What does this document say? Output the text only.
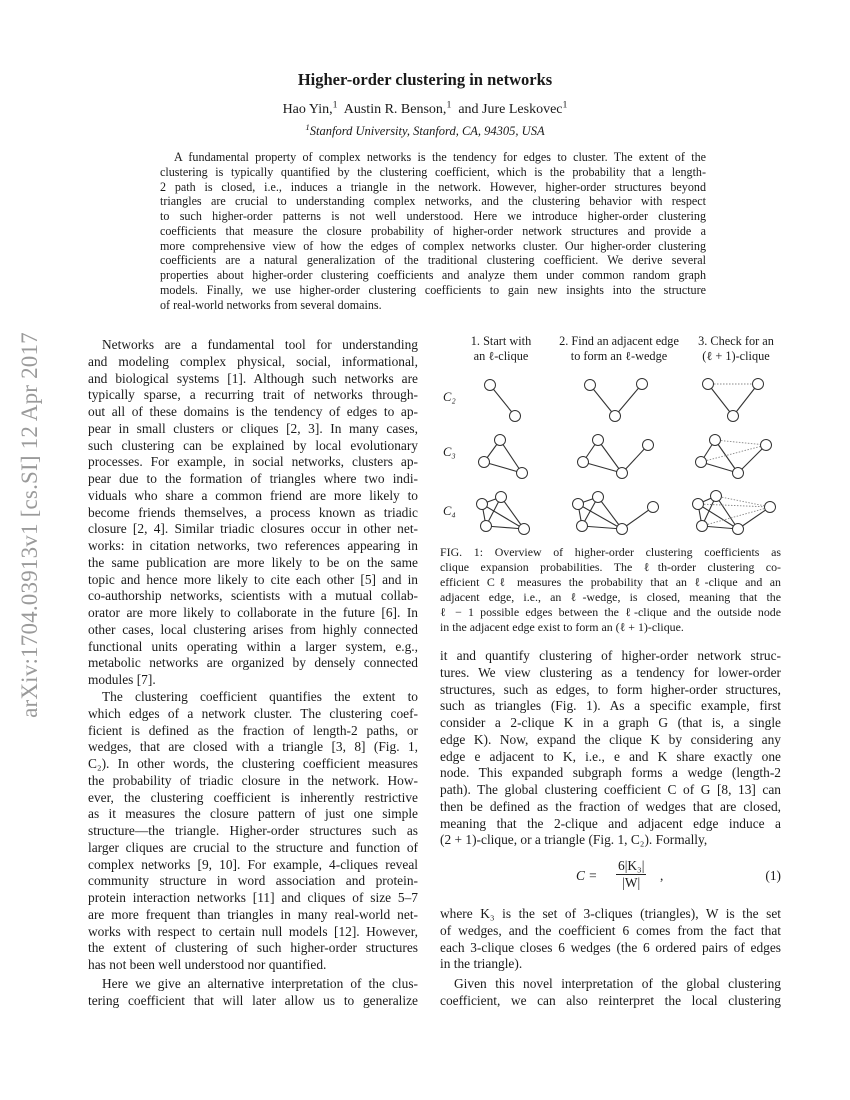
arXiv:1704.03913v1 [cs.SI] 12 Apr 2017
Higher-order clustering in networks
Hao Yin,$^1$ Austin R. Benson,$^1$ and Jure Leskovec$^1$
$^1$Stanford University, Stanford, CA, 94305, USA
A fundamental property of complex networks is the tendency for edges to cluster. The extent of the
clustering is typically quantified by the clustering coefficient, which is the probability that a length-
2 path is closed, i.e., induces a triangle in the network. However, higher-order structures beyond
triangles are crucial to understanding complex networks, and the clustering behavior with respect
to such higher-order patterns is not well understood. Here we introduce higher-order clustering
coefficients that measure the closure probability of higher-order network structures and provide a
more comprehensive view of how the edges of complex networks cluster. Our higher-order clustering
coefficients are a natural generalization of the traditional clustering coefficient. We derive several
properties about higher-order clustering coefficients and analyze them under common random graph
models. Finally, we use higher-order clustering coefficients to gain new insights into the structure
of real-world networks from several domains.
Networks are a fundamental tool for understanding
and modeling complex physical, social, informational,
and biological systems [1]. Although such networks are
typically sparse, a recurring trait of networks through-
out all of these domains is the tendency of edges to ap-
pear in small clusters or cliques [2, 3]. In many cases,
such clustering can be explained by local evolutionary
processes. For example, in social networks, clusters ap-
pear due to the formation of triangles where two indi-
viduals who share a common friend are more likely to
become friends themselves, a process known as triadic
closure [2, 4]. Similar triadic closures occur in other net-
works: in citation networks, two references appearing in
the same publication are more likely to be on the same
topic and hence more likely to cite each other [5] and in
co-authorship networks, scientists with a mutual collab-
orator are more likely to collaborate in the future [6]. In
other cases, local clustering arises from highly connected
functional units operating within a larger system, e.g.,
metabolic networks are organized by densely connected
modules [7].
The clustering coefficient quantifies the extent to
which edges of a network cluster. The clustering coef-
ficient is defined as the fraction of length-2 paths, or
wedges, that are closed with a triangle [3, 8] (Fig. 1,
C₂). In other words, the clustering coefficient measures
the probability of triadic closure in the network. How-
ever, the clustering coefficient is inherently restrictive
as it measures the closure pattern of just one simple
structure—the triangle. Higher-order structures such as
larger cliques are crucial to the structure and function of
complex networks [9, 10]. For example, 4-cliques reveal
community structure in word association and protein-
protein interaction networks [11] and cliques of size 5–7
are more frequent than triangles in many real-world net-
works with respect to certain null models [12]. However,
the extent of clustering of such higher-order structures
has not been well understood nor quantified.
Here we give an alternative interpretation of the clus-
tering coefficient that will later allow us to generalize
1. Start with
an ℓ-clique
2. Find an adjacent edge
to form an ℓ-wedge
3. Check for an
(ℓ + 1)-clique
C₂
C₃
C₄
FIG. 1: Overview of higher-order clustering coefficients as
clique expansion probabilities. The ℓth-order clustering co-
efficient Cℓ measures the probability that an ℓ-clique and an
adjacent edge, i.e., an ℓ-wedge, is closed, meaning that the
ℓ − 1 possible edges between the ℓ-clique and the outside node
in the adjacent edge exist to form an (ℓ + 1)-clique.
it and quantify clustering of higher-order network struc-
tures. We view clustering as a tendency for lower-order
structures, such as edges, to form higher-order structures,
such as triangles (Fig. 1). As a specific example, first
consider a 2-clique K in a graph G (that is, a single
edge K). Now, expand the clique K by considering any
edge e adjacent to K, i.e., e and K share exactly one
node. This expanded subgraph forms a wedge (length-2
path). The global clustering coefficient C of G [8, 13] can
then be defined as the fraction of wedges that are closed,
meaning that the 2-clique and adjacent edge induce a
(2 + 1)-clique, or a triangle (Fig. 1, C₂). Formally,
$C = \frac{\text{6|K₃|}}{|W|}$ ,	(1)
where K₃ is the set of 3-cliques (triangles), W is the set
of wedges, and the coefficient 6 comes from the fact that
each 3-clique closes 6 wedges (the 6 ordered pairs of edges
in the triangle).
Given this novel interpretation of the global clustering
coefficient, we can also reinterpret the local clustering
